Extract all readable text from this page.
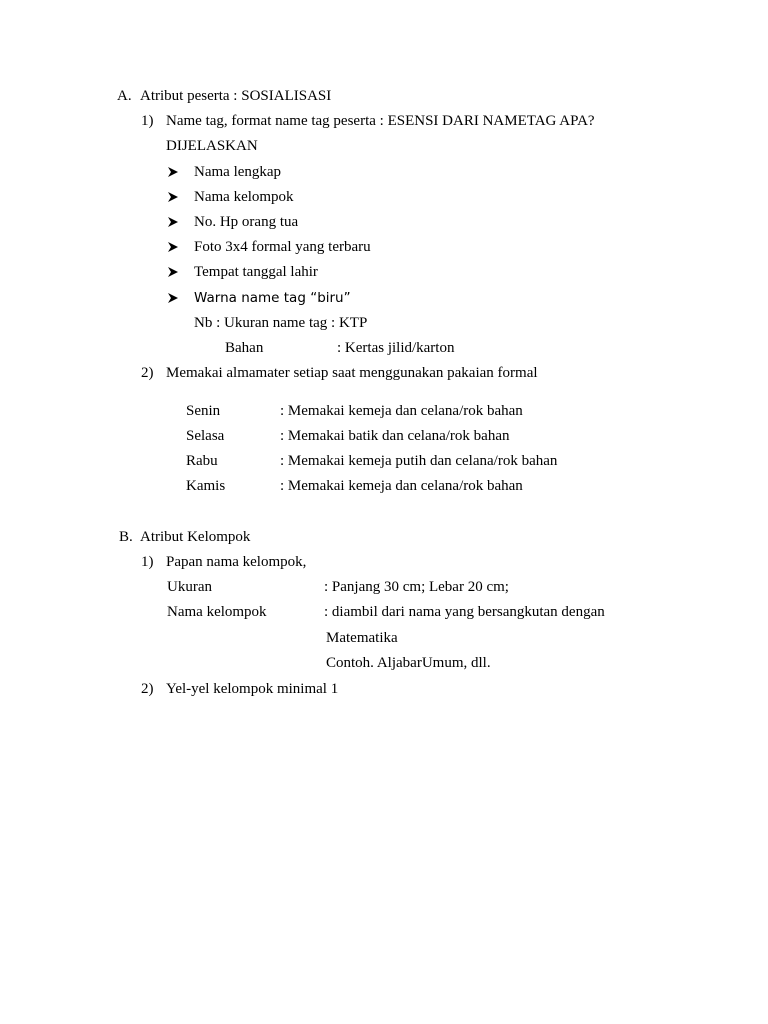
A. Atribut peserta : SOSIALISASI
1) Name tag, format name tag peserta : ESENSI DARI NAMETAG APA?
DIJELASKAN
Nama lengkap
Nama kelompok
No. Hp orang tua
Foto 3x4 formal yang terbaru
Tempat tanggal lahir
Warna name tag “biru”
Nb : Ukuran name tag : KTP
Bahan	: Kertas jilid/karton
2) Memakai almamater setiap saat menggunakan pakaian formal
Senin	: Memakai kemeja dan celana/rok bahan
Selasa	: Memakai batik dan celana/rok bahan
Rabu	: Memakai kemeja putih dan celana/rok bahan
Kamis	: Memakai kemeja dan celana/rok bahan
B. Atribut Kelompok
1) Papan nama kelompok,
Ukuran	: Panjang 30 cm; Lebar 20 cm;
Nama kelompok	: diambil dari nama yang bersangkutan dengan
Matematika
Contoh. AljabarUmum, dll.
2) Yel-yel kelompok minimal 1
